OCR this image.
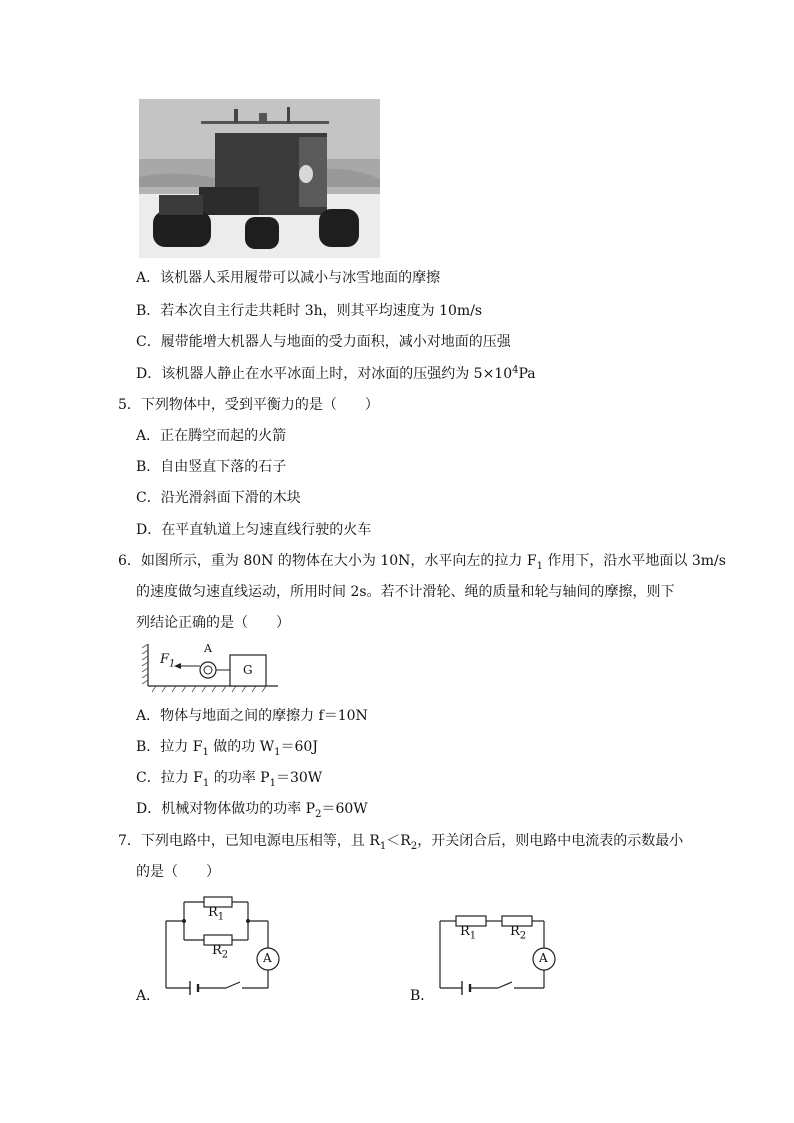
A．该机器人采用履带可以减小与冰雪地面的摩擦
B．若本次自主行走共耗时 3h，则其平均速度为 10m/s
C．履带能增大机器人与地面的受力面积，减小对地面的压强
D．该机器人静止在水平冰面上时，对冰面的压强约为 $5\times 10^4Pa$
5．下列物体中，受到平衡力的是（　　）
A．正在腾空而起的火箭
B．自由竖直下落的石子
C．沿光滑斜面下滑的木块
D．在平直轨道上匀速直线行驶的火车
6．如图所示，重为 80N 的物体在大小为 10N，水平向左的拉力 $F_1$ 作用下，沿水平地面以 3m/s
的速度做匀速直线运动，所用时间 2s。若不计滑轮、绳的质量和轮与轴间的摩擦，则下
列结论正确的是（　　）
$F_1$
A
G
A．物体与地面之间的摩擦力 f＝10N
B．拉力 $F_1$ 做的功 $W_1=60J$
C．拉力 $F_1$ 的功率 $P_1=30W$
D．机械对物体做功的功率 $P_2=60W$
7．下列电路中，已知电源电压相等，且 $R_1<R_2$，开关闭合后，则电路中电流表的示数最小
的是（　　）
$R_1$
$R_2$	A
A．
$R_1$	$R_2$
A
B．
